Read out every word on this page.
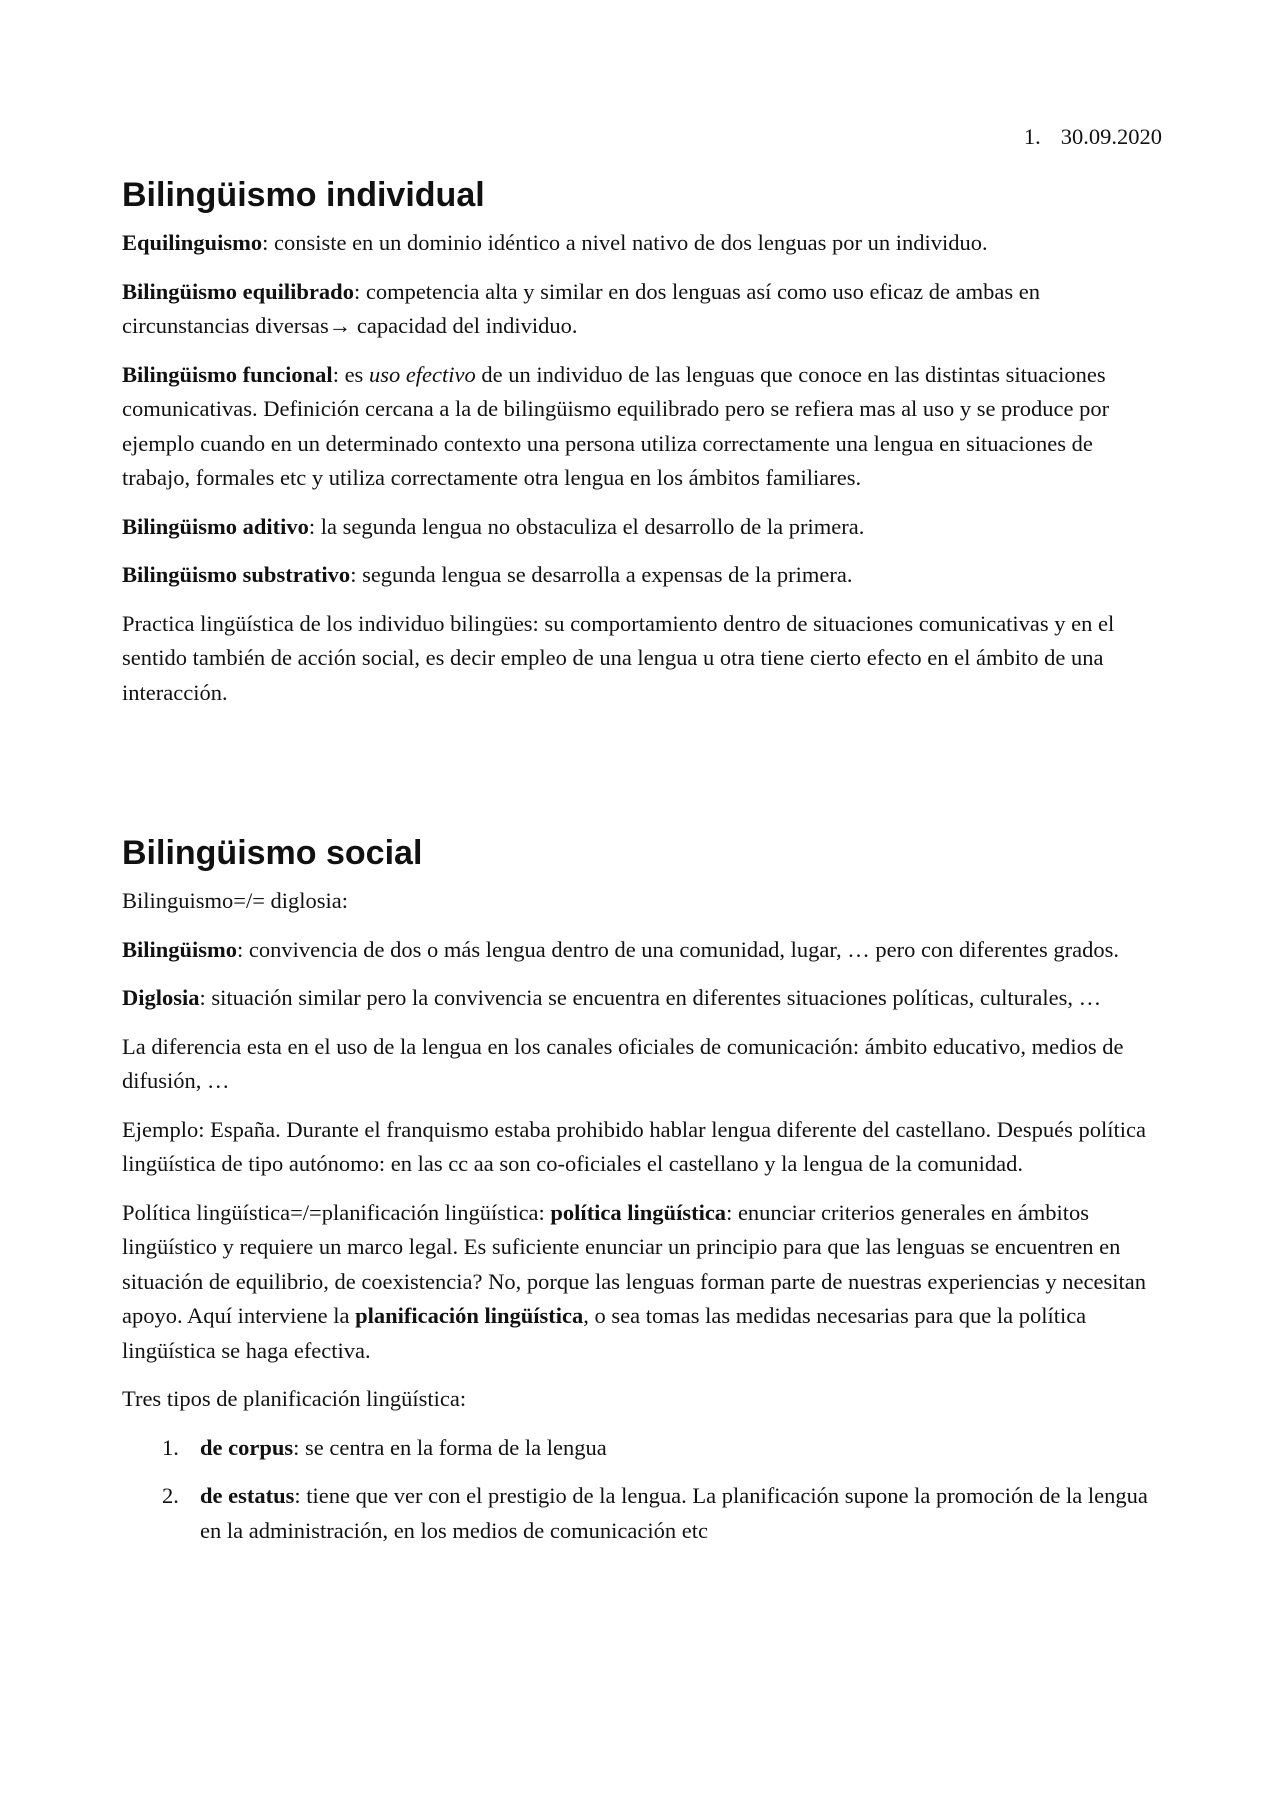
1. 30.09.2020
Bilingüismo individual

Equilinguismo: consiste en un dominio idéntico a nivel nativo de dos lenguas por un individuo.

Bilingüismo equilibrado: competencia alta y similar en dos lenguas así como uso eficaz de ambas en circunstancias diversas→ capacidad del individuo.

Bilingüismo funcional: es uso efectivo de un individuo de las lenguas que conoce en las distintas situaciones comunicativas. Definición cercana a la de bilingüismo equilibrado pero se refiera mas al uso y se produce por ejemplo cuando en un determinado contexto una persona utiliza correctamente una lengua en situaciones de trabajo, formales etc y utiliza correctamente otra lengua en los ámbitos familiares.

Bilingüismo aditivo: la segunda lengua no obstaculiza el desarrollo de la primera.

Bilingüismo substrativo: segunda lengua se desarrolla a expensas de la primera.

Practica lingüística de los individuo bilingües: su comportamiento dentro de situaciones comunicativas y en el sentido también de acción social, es decir empleo de una lengua u otra tiene cierto efecto en el ámbito de una interacción.

Bilingüismo social

Bilinguismo=/= diglosia:

Bilingüismo: convivencia de dos o más lengua dentro de una comunidad, lugar, … pero con diferentes grados.

Diglosia: situación similar pero la convivencia se encuentra en diferentes situaciones políticas, culturales, …

La diferencia esta en el uso de la lengua en los canales oficiales de comunicación: ámbito educativo, medios de difusión, …

Ejemplo: España. Durante el franquismo estaba prohibido hablar lengua diferente del castellano. Después política lingüística de tipo autónomo: en las cc aa son co-oficiales el castellano y la lengua de la comunidad.

Política lingüística=/=planificación lingüística: política lingüística: enunciar criterios generales en ámbitos lingüístico y requiere un marco legal. Es suficiente enunciar un principio para que las lenguas se encuentren en situación de equilibrio, de coexistencia? No, porque las lenguas forman parte de nuestras experiencias y necesitan apoyo. Aquí interviene la planificación lingüística, o sea tomas las medidas necesarias para que la política lingüística se haga efectiva.

Tres tipos de planificación lingüística:

1. de corpus: se centra en la forma de la lengua
2. de estatus: tiene que ver con el prestigio de la lengua. La planificación supone la promoción de la lengua en la administración, en los medios de comunicación etc
